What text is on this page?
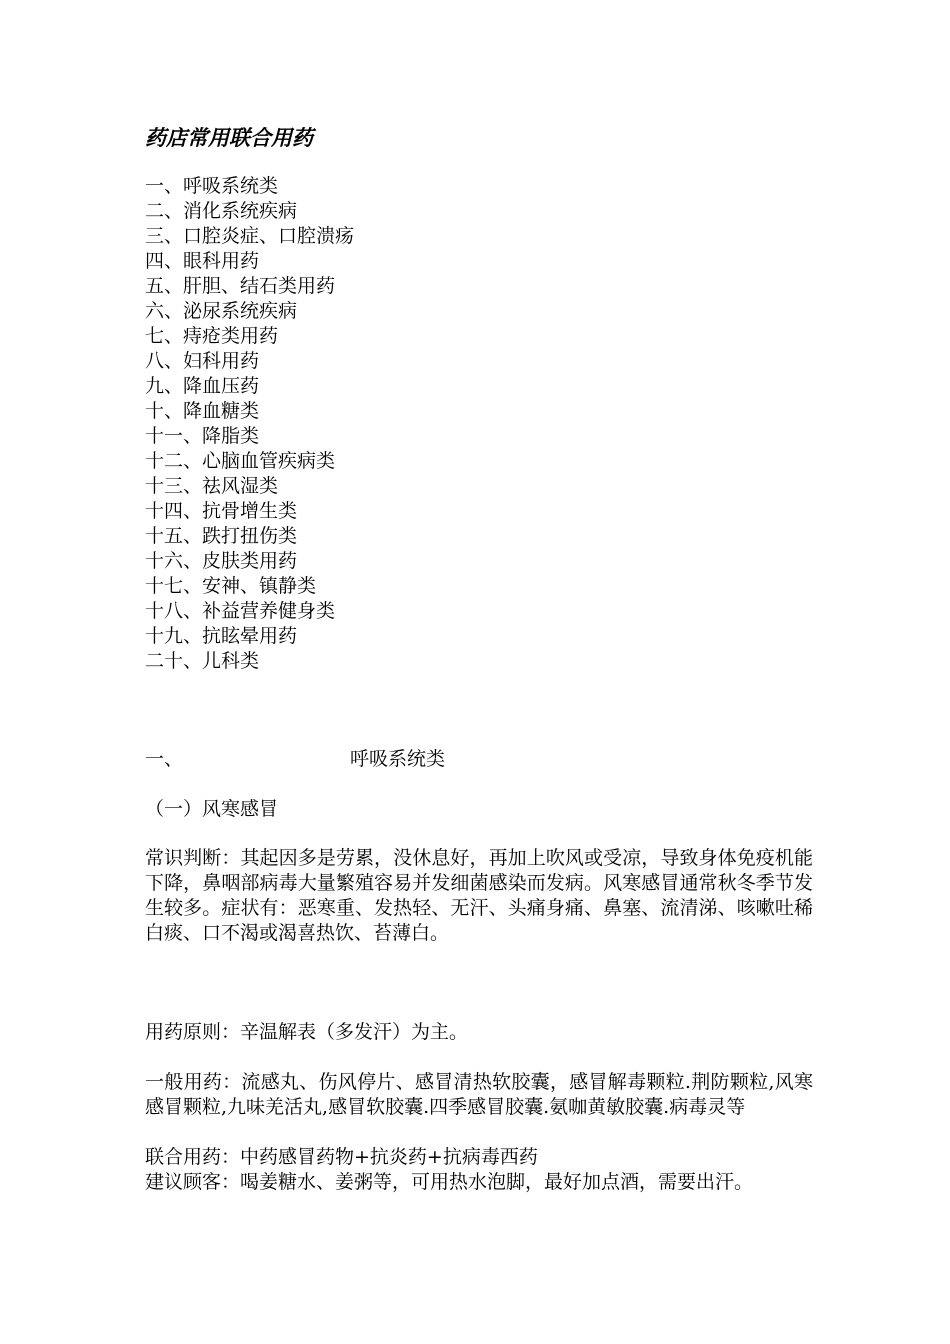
药店常用联合用药
一、呼吸系统类
二、消化系统疾病
三、口腔炎症、口腔溃疡
四、眼科用药
五、肝胆、结石类用药
六、泌尿系统疾病
七、痔疮类用药
八、妇科用药
九、降血压药
十、降血糖类
十一、降脂类
十二、心脑血管疾病类
十三、祛风湿类
十四、抗骨增生类
十五、跌打扭伤类
十六、皮肤类用药
十七、安神、镇静类
十八、补益营养健身类
十九、抗眩晕用药
二十、儿科类
一、	呼吸系统类
（一）风寒感冒

常识判断：其起因多是劳累，没休息好，再加上吹风或受凉，导致身体免疫机能下降，鼻咽部病毒大量繁殖容易并发细菌感染而发病。风寒感冒通常秋冬季节发生较多。症状有：恶寒重、发热轻、无汗、头痛身痛、鼻塞、流清涕、咳嗽吐稀白痰、口不渴或渴喜热饮、苔薄白。

用药原则：辛温解表（多发汗）为主。

一般用药：流感丸、伤风停片、感冒清热软胶囊，感冒解毒颗粒.荆防颗粒,风寒感冒颗粒,九味羌活丸,感冒软胶囊.四季感冒胶囊.氨咖黄敏胶囊.病毒灵等

联合用药：中药感冒药物+抗炎药+抗病毒西药

建议顾客：喝姜糖水、姜粥等，可用热水泡脚，最好加点酒，需要出汗。
